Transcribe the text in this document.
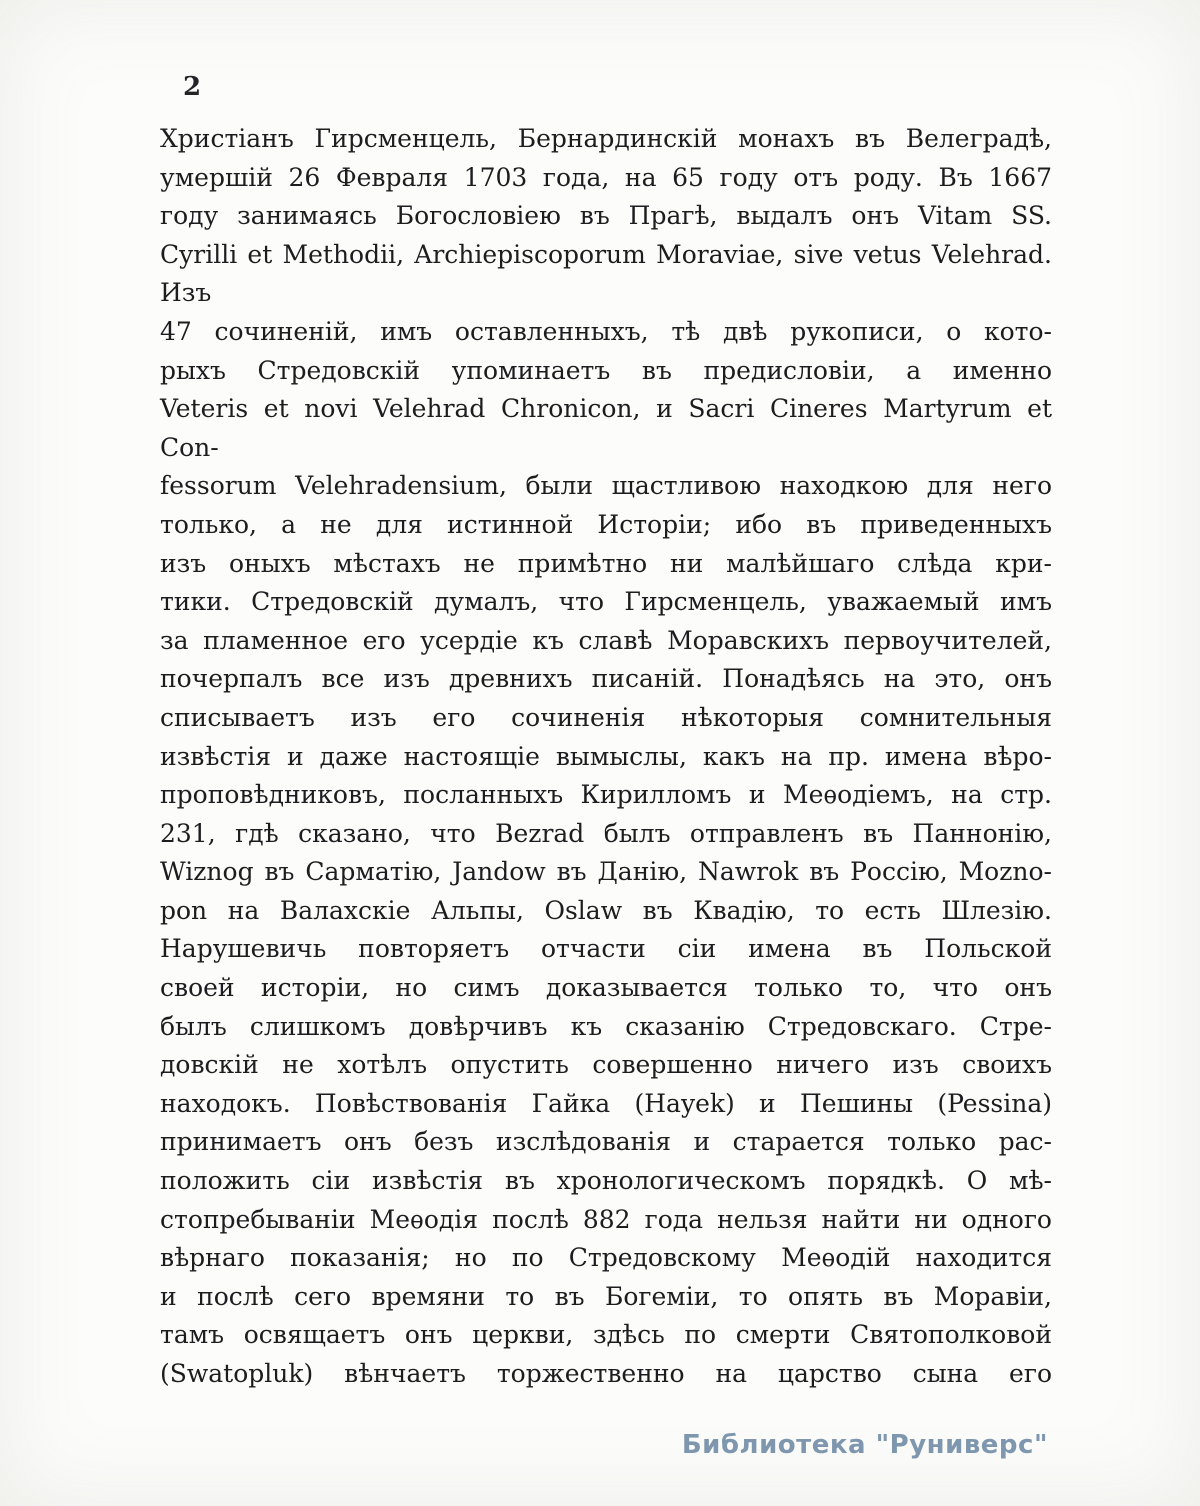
2
Христіанъ Гирсменцель, Бернардинскій монахъ въ Велеградѣ,
умершій 26 Февраля 1703 года, на 65 году отъ роду. Въ 1667
году занимаясь Богословіею въ Прагѣ, выдалъ онъ Vitam SS.
Cyrilli et Methodii, Archiepiscoporum Moraviae, sive vetus Velehrad. Изъ
47 сочиненій, имъ оставленныхъ, тѣ двѣ рукописи, о кото-
рыхъ Стредовскій упоминаетъ въ предисловіи, а именно
Veteris et novi Velehrad Chronicon, и Sacri Cineres Martyrum et Con-
fessorum Velehradensium, были щастливою находкою для него
только, а не для истинной Исторіи; ибо въ приведенныхъ
изъ оныхъ мѣстахъ не примѣтно ни малѣйшаго слѣда кри-
тики. Стредовскій думалъ, что Гирсменцель, уважаемый имъ
за пламенное его усердіе къ славѣ Моравскихъ первоучителей,
почерпалъ все изъ древнихъ писаній. Понадѣясь на это, онъ
списываетъ изъ его сочиненія нѣкоторыя сомнительныя
извѣстія и даже настоящіе вымыслы, какъ на пр. имена вѣро-
проповѣдниковъ, посланныхъ Кирилломъ и Меѳодіемъ, на стр.
231, гдѣ сказано, что Bezrad былъ отправленъ въ Паннонію,
Wiznog въ Сарматію, Jandow въ Данію, Nawrok въ Россію, Mozno-
pon на Валахскіе Альпы, Oslaw въ Квадію, то есть Шлезію.
Нарушевичь повторяетъ отчасти сіи имена въ Польской
своей исторіи, но симъ доказывается только то, что онъ
былъ слишкомъ довѣрчивъ къ сказанію Стредовскаго. Стре-
довскій не хотѣлъ опустить совершенно ничего изъ своихъ
находокъ. Повѣствованія Гайка (Hayek) и Пешины (Pessina)
принимаетъ онъ безъ изслѣдованія и старается только рас-
положить сіи извѣстія въ хронологическомъ порядкѣ. О мѣ-
стопребываніи Меѳодія послѣ 882 года нельзя найти ни одного
вѣрнаго показанія; но по Стредовскому Меѳодій находится
и послѣ сего времяни то въ Богеміи, то опять въ Моравіи,
тамъ освящаетъ онъ церкви, здѣсь по смерти Святополковой
(Swatopluk) вѣнчаетъ торжественно на царство сына его
Библиотека "Руниверс"
